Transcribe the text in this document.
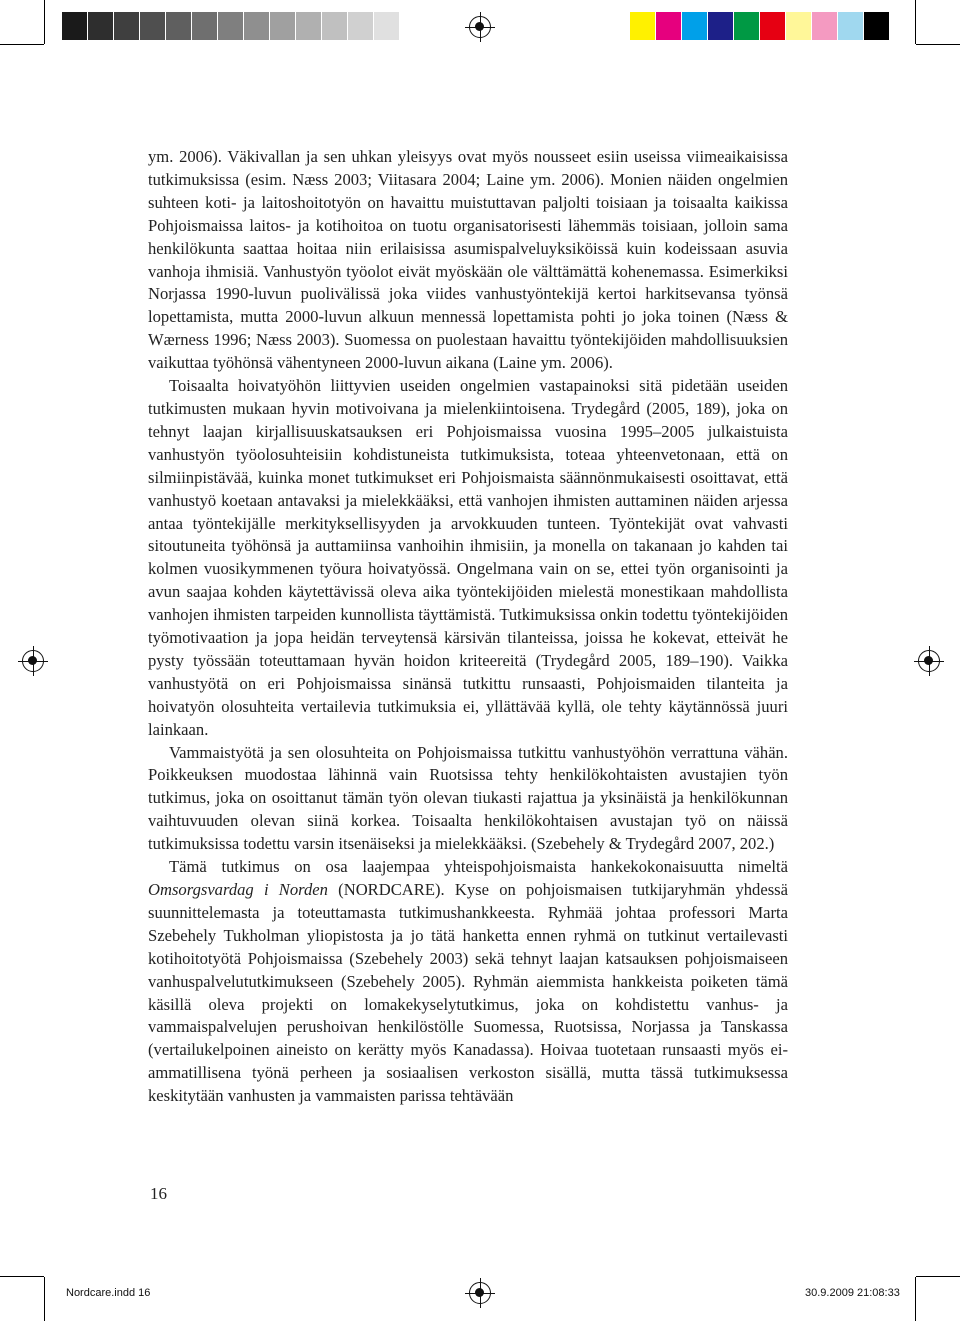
ym. 2006). Väkivallan ja sen uhkan yleisyys ovat myös nousseet esiin useissa viimeaikaisissa tutkimuksissa (esim. Næss 2003; Viitasara 2004; Laine ym. 2006). Monien näiden ongelmien suhteen koti- ja laitoshoitotyön on havaittu muistuttavan paljolti toisiaan ja toisaalta kaikissa Pohjoismaissa laitos- ja kotihoitoa on tuotu organisatorisesti lähemmäs toisiaan, jolloin sama henkilökunta saattaa hoitaa niin erilaisissa asumispalveluyksiköissä kuin kodeissaan asuvia vanhoja ihmisiä. Vanhustyön työolot eivät myöskään ole välttämättä kohenemassa. Esimerkiksi Norjassa 1990-luvun puolivälissä joka viides vanhustyöntekijä kertoi harkitsevansa työnsä lopettamista, mutta 2000-luvun alkuun mennessä lopettamista pohti jo joka toinen (Næss & Wærness 1996; Næss 2003). Suomessa on puolestaan havaittu työntekijöiden mahdollisuuksien vaikuttaa työhönsä vähentyneen 2000-luvun aikana (Laine ym. 2006).

Toisaalta hoivatyöhön liittyvien useiden ongelmien vastapainoksi sitä pidetään useiden tutkimusten mukaan hyvin motivoivana ja mielenkiintoisena. Trydegård (2005, 189), joka on tehnyt laajan kirjallisuuskatsauksen eri Pohjoismaissa vuosina 1995–2005 julkaistuista vanhustyön työolosuhteisiin kohdistuneista tutkimuksista, toteaa yhteenvetonaan, että on silmiinpistävää, kuinka monet tutkimukset eri Pohjoismaista säännönmukaisesti osoittavat, että vanhustyö koetaan antavaksi ja mielekkääksi, että vanhojen ihmisten auttaminen näiden arjessa antaa työntekijälle merkityksellisyyden ja arvokkuuden tunteen. Työntekijät ovat vahvasti sitoutuneita työhönsä ja auttamiinsa vanhoihin ihmisiin, ja monella on takanaan jo kahden tai kolmen vuosikymmenen työura hoivatyössä. Ongelmana vain on se, ettei työn organisointi ja avun saajaa kohden käytettävissä oleva aika työntekijöiden mielestä monestikaan mahdollista vanhojen ihmisten tarpeiden kunnollista täyttämistä. Tutkimuksissa onkin todettu työntekijöiden työmotivaation ja jopa heidän terveytensä kärsivän tilanteissa, joissa he kokevat, etteivät he pysty työssään toteuttamaan hyvän hoidon kriteereitä (Trydegård 2005, 189–190). Vaikka vanhustyötä on eri Pohjoismaissa sinänsä tutkittu runsaasti, Pohjoismaiden tilanteita ja hoivatyön olosuhteita vertailevia tutkimuksia ei, yllättävää kyllä, ole tehty käytännössä juuri lainkaan.

Vammaistyötä ja sen olosuhteita on Pohjoismaissa tutkittu vanhustyöhön verrattuna vähän. Poikkeuksen muodostaa lähinnä vain Ruotsissa tehty henkilökohtaisten avustajien työn tutkimus, joka on osoittanut tämän työn olevan tiukasti rajattua ja yksinäistä ja henkilökunnan vaihtuvuuden olevan siinä korkea. Toisaalta henkilökohtaisen avustajan työ on näissä tutkimuksissa todettu varsin itsenäiseksi ja mielekkääksi. (Szebehely & Trydegård 2007, 202.)

Tämä tutkimus on osa laajempaa yhteispohjoismaista hankekokonaisuutta nimeltä Omsorgsvardag i Norden (NORDCARE). Kyse on pohjoismaisen tutkijaryhmän yhdessä suunnittelemasta ja toteuttamasta tutkimushankkeesta. Ryhmää johtaa professori Marta Szebehely Tukholman yliopistosta ja jo tätä hanketta ennen ryhmä on tutkinut vertailevasti kotihoitotyötä Pohjoismaissa (Szebehely 2003) sekä tehnyt laajan katsauksen pohjoismaiseen vanhuspalvelututkimukseen (Szebehely 2005). Ryhmän aiemmista hankkeista poiketen tämä käsillä oleva projekti on lomakekyselytutkimus, joka on kohdistettu vanhus- ja vammaispalvelujen perushoivan henkilöstölle Suomessa, Ruotsissa, Norjassa ja Tanskassa (vertailukelpoinen aineisto on kerätty myös Kanadassa). Hoivaa tuotetaan runsaasti myös ei-ammatillisena työnä perheen ja sosiaalisen verkoston sisällä, mutta tässä tutkimuksessa keskitytään vanhusten ja vammaisten parissa tehtävään

16
Nordcare.indd 16	30.9.2009 21:08:33
